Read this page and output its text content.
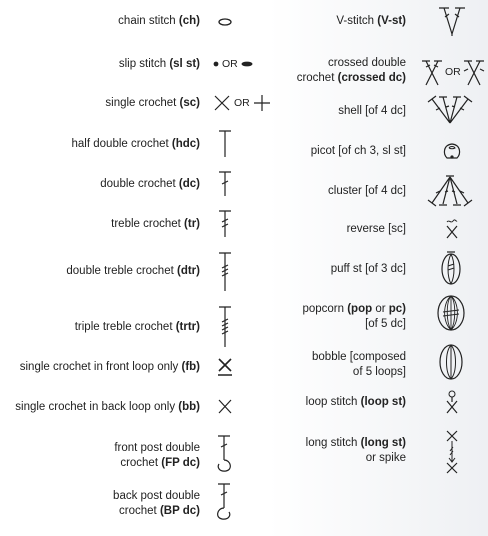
chain stitch (ch)
slip stitch (sl st) OR
single crochet (sc)	OR
half double crochet (hdc)
double crochet (dc)
treble crochet (tr)
double treble crochet (dtr)
triple treble crochet (trtr)
single crochet in front loop only (fb)
single crochet in back loop only (bb)
front post double
crochet (FP dc)
back post double
crochet (BP dc)
V-stitch (V-st)
crossed double
crochet (crossed dc)	OR
shell [of 4 dc]
picot [of ch 3, sl st]
cluster [of 4 dc]
reverse [sc]
puff st [of 3 dc]
popcorn (pop or pc)
[of 5 dc]
bobble [composed
of 5 loops]
loop stitch (loop st)
long stitch (long st)
or spike
